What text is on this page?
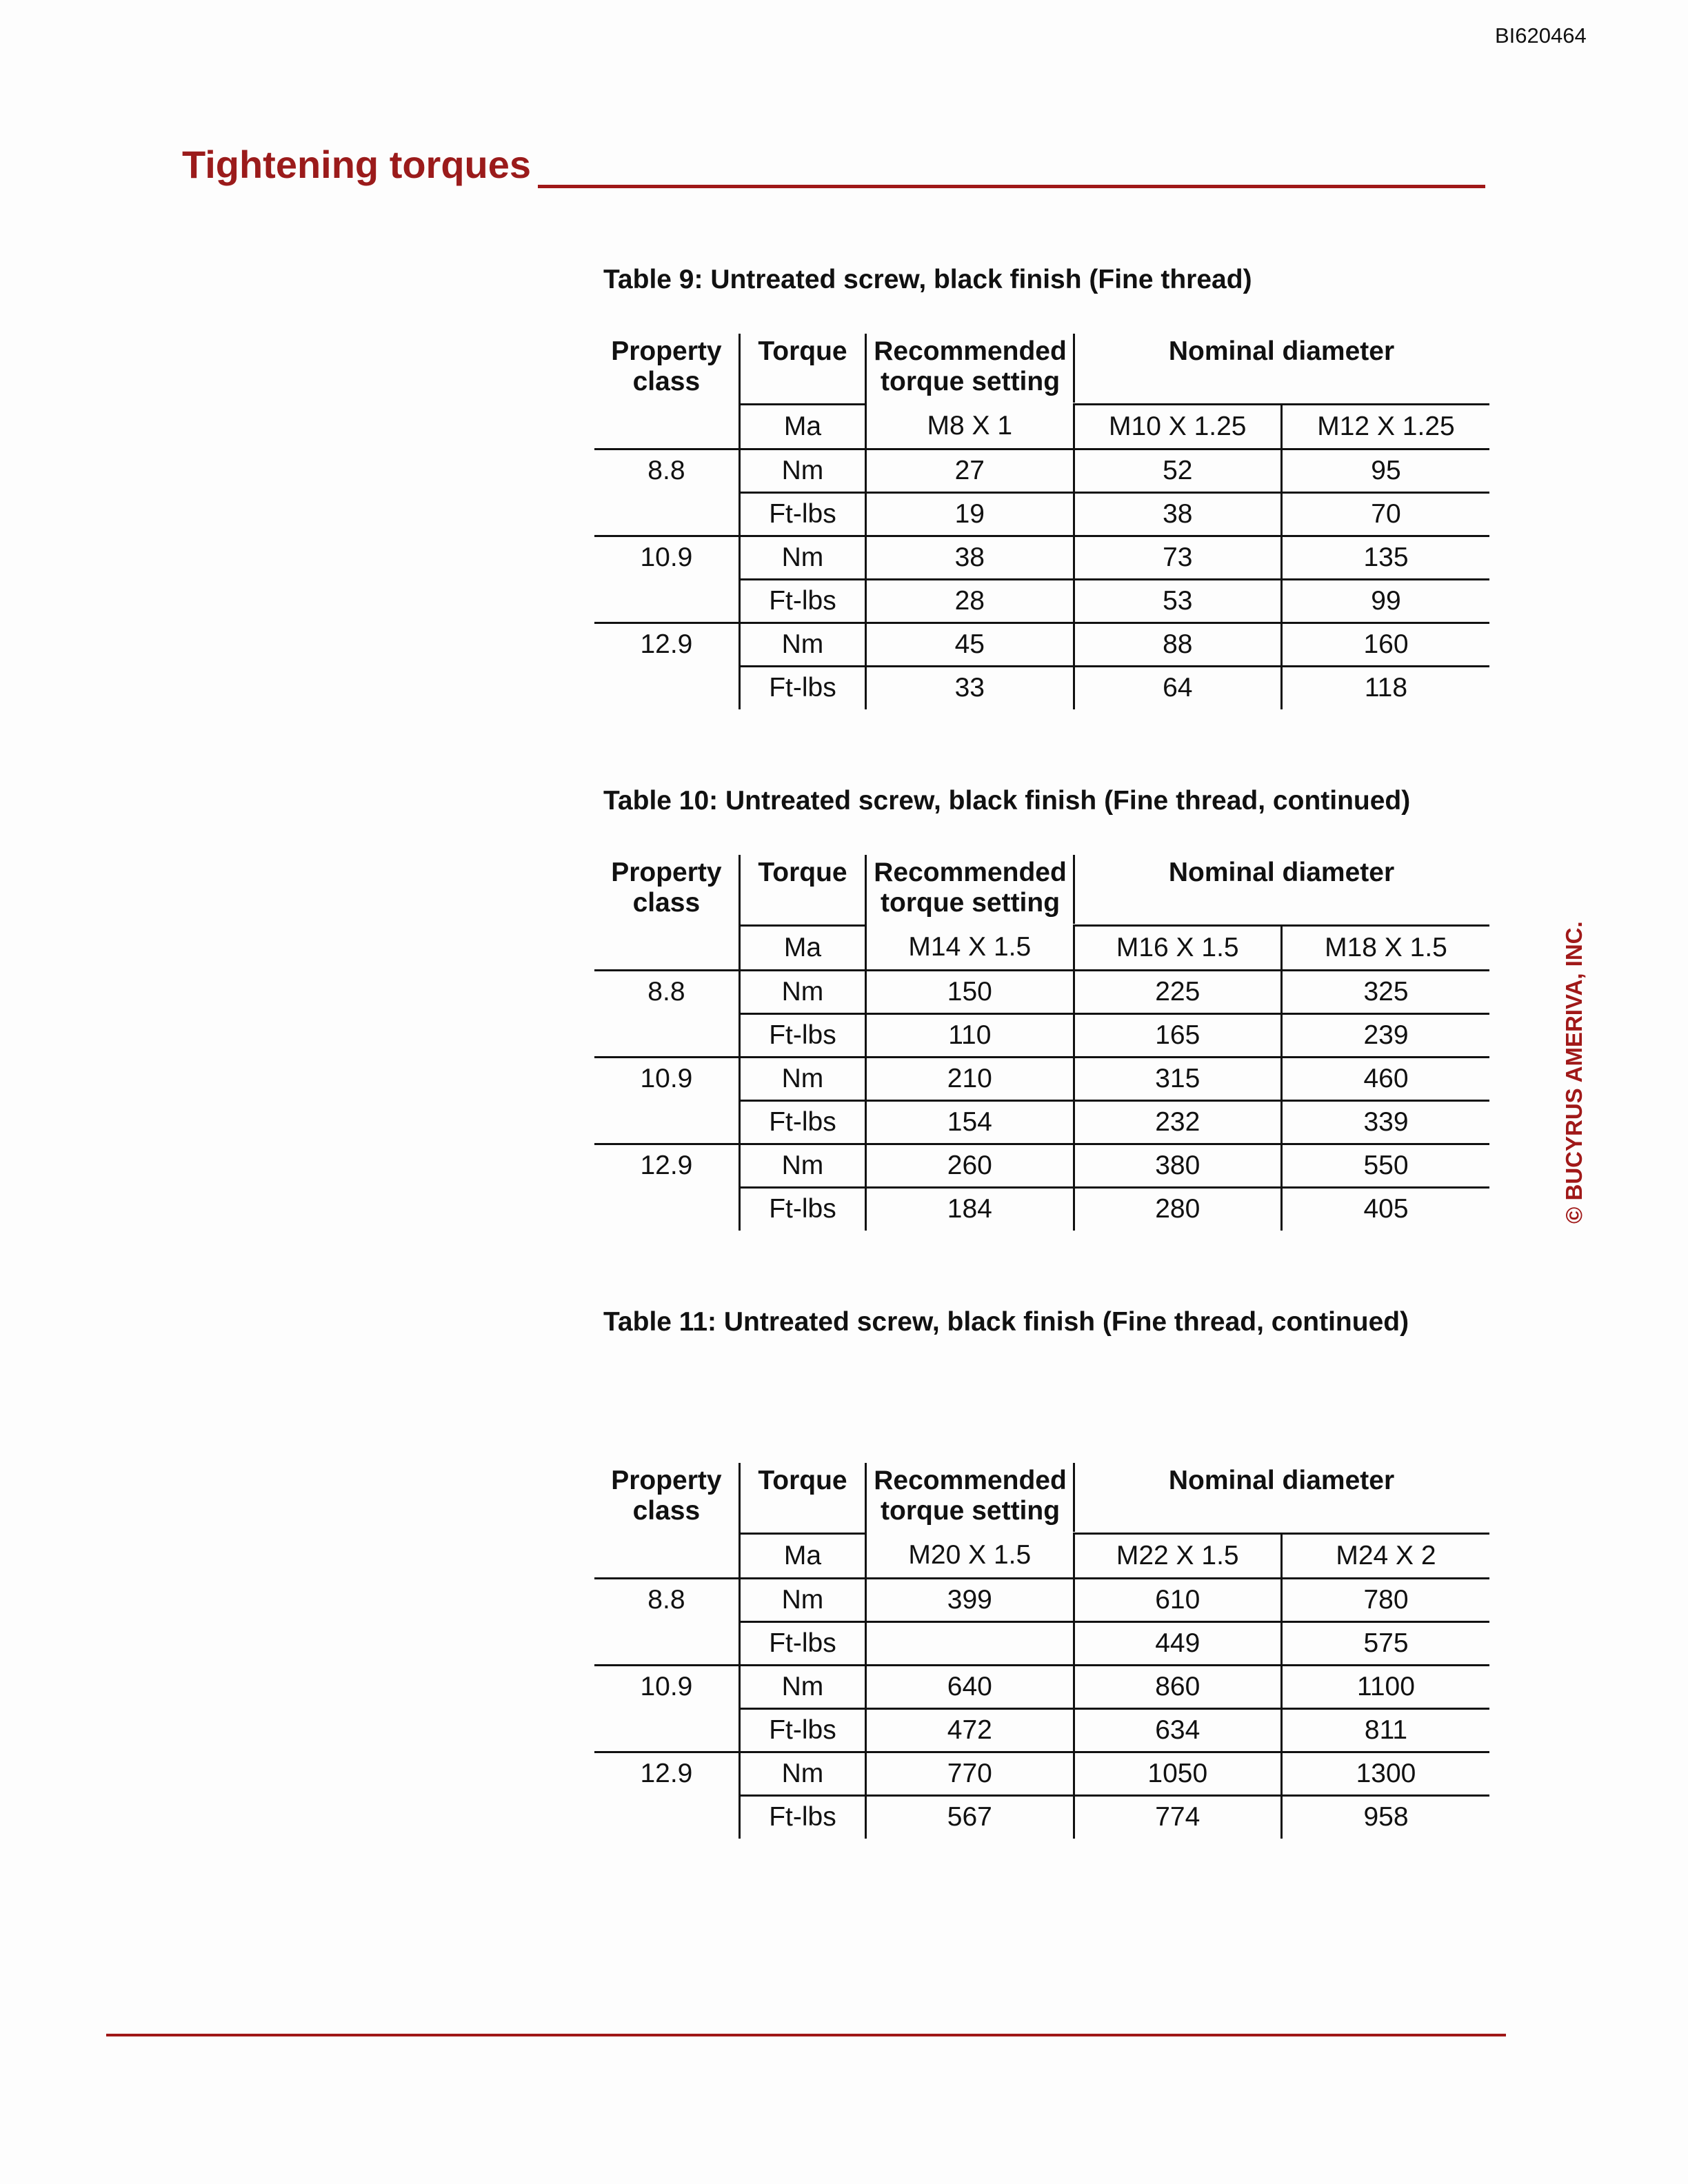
BI620464
Tightening torques
© BUCYRUS AMERIVA, INC.
Table 9: Untreated screw, black finish (Fine thread)
Property class	Torque	Recommended torque setting	Nominal diameter	
	Ma	M8 X 1	M10 X 1.25	M12 X 1.25
8.8	Nm	27	52	95
	Ft-lbs	19	38	70
10.9	Nm	38	73	135
	Ft-lbs	28	53	99
12.9	Nm	45	88	160
	Ft-lbs	33	64	118
Table 10: Untreated screw, black finish (Fine thread, continued)
Property class	Torque	Recommended torque setting	Nominal diameter	
	Ma	M14 X 1.5	M16 X 1.5	M18 X 1.5
8.8	Nm	150	225	325
	Ft-lbs	110	165	239
10.9	Nm	210	315	460
	Ft-lbs	154	232	339
12.9	Nm	260	380	550
	Ft-lbs	184	280	405
Table 11: Untreated screw, black finish (Fine thread, continued)
Property class	Torque	Recommended torque setting	Nominal diameter	
	Ma	M20 X 1.5	M22 X 1.5	M24 X 2
8.8	Nm	399	610	780
	Ft-lbs		449	575
10.9	Nm	640	860	1100
	Ft-lbs	472	634	811
12.9	Nm	770	1050	1300
	Ft-lbs	567	774	958
